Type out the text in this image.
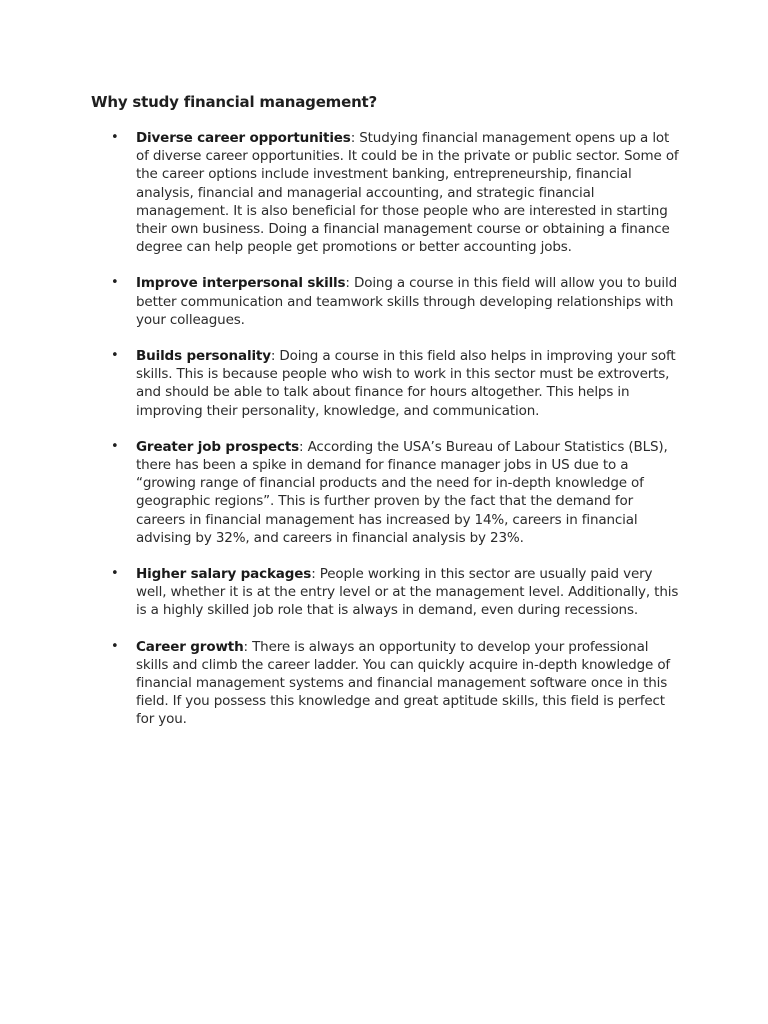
Why study financial management?
• Diverse career opportunities: Studying financial management opens up a lot of diverse career opportunities. It could be in the private or public sector. Some of the career options include investment banking, entrepreneurship, financial analysis, financial and managerial accounting, and strategic financial management. It is also beneficial for those people who are interested in starting their own business. Doing a financial management course or obtaining a finance degree can help people get promotions or better accounting jobs.
• Improve interpersonal skills: Doing a course in this field will allow you to build better communication and teamwork skills through developing relationships with your colleagues.
• Builds personality: Doing a course in this field also helps in improving your soft skills. This is because people who wish to work in this sector must be extroverts, and should be able to talk about finance for hours altogether. This helps in improving their personality, knowledge, and communication.
• Greater job prospects: According the USA’s Bureau of Labour Statistics (BLS), there has been a spike in demand for finance manager jobs in US due to a “growing range of financial products and the need for in-depth knowledge of geographic regions”. This is further proven by the fact that the demand for careers in financial management has increased by 14%, careers in financial advising by 32%, and careers in financial analysis by 23%.
• Higher salary packages: People working in this sector are usually paid very well, whether it is at the entry level or at the management level. Additionally, this is a highly skilled job role that is always in demand, even during recessions.
• Career growth: There is always an opportunity to develop your professional skills and climb the career ladder. You can quickly acquire in-depth knowledge of financial management systems and financial management software once in this field. If you possess this knowledge and great aptitude skills, this field is perfect for you.
